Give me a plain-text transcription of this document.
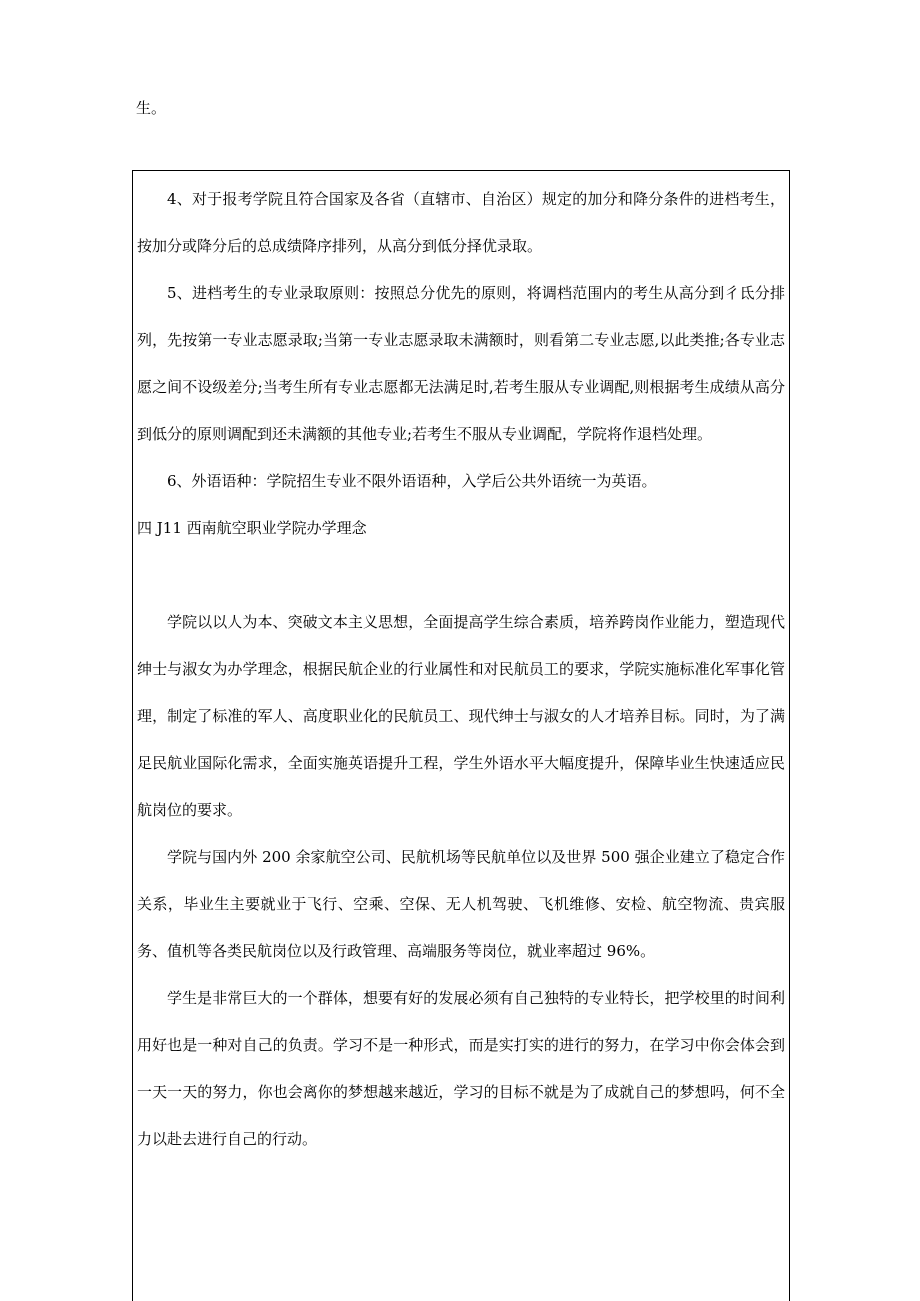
生。

4、对于报考学院且符合国家及各省（直辖市、自治区）规定的加分和降分条件的进档考生，按加分或降分后的总成绩降序排列，从高分到低分择优录取。

5、进档考生的专业录取原则：按照总分优先的原则，将调档范围内的考生从高分到彳氐分排列，先按第一专业志愿录取;当第一专业志愿录取未满额时，则看第二专业志愿,以此类推;各专业志愿之间不设级差分;当考生所有专业志愿都无法满足时,若考生服从专业调配,则根据考生成绩从高分到低分的原则调配到还未满额的其他专业;若考生不服从专业调配，学院将作退档处理。

6、外语语种：学院招生专业不限外语语种，入学后公共外语统一为英语。

四 J11 西南航空职业学院办学理念

学院以以人为本、突破文本主义思想，全面提高学生综合素质，培养跨岗作业能力，塑造现代绅士与淑女为办学理念，根据民航企业的行业属性和对民航员工的要求，学院实施标准化军事化管理，制定了标准的军人、高度职业化的民航员工、现代绅士与淑女的人才培养目标。同时，为了满足民航业国际化需求，全面实施英语提升工程，学生外语水平大幅度提升，保障毕业生快速适应民航岗位的要求。

学院与国内外 200 余家航空公司、民航机场等民航单位以及世界 500 强企业建立了稳定合作关系，毕业生主要就业于飞行、空乘、空保、无人机驾驶、飞机维修、安检、航空物流、贵宾服务、值机等各类民航岗位以及行政管理、高端服务等岗位，就业率超过 96%。

学生是非常巨大的一个群体，想要有好的发展必须有自己独特的专业特长，把学校里的时间利用好也是一种对自己的负责。学习不是一种形式，而是实打实的进行的努力，在学习中你会体会到一天一天的努力，你也会离你的梦想越来越近，学习的目标不就是为了成就自己的梦想吗，何不全力以赴去进行自己的行动。
